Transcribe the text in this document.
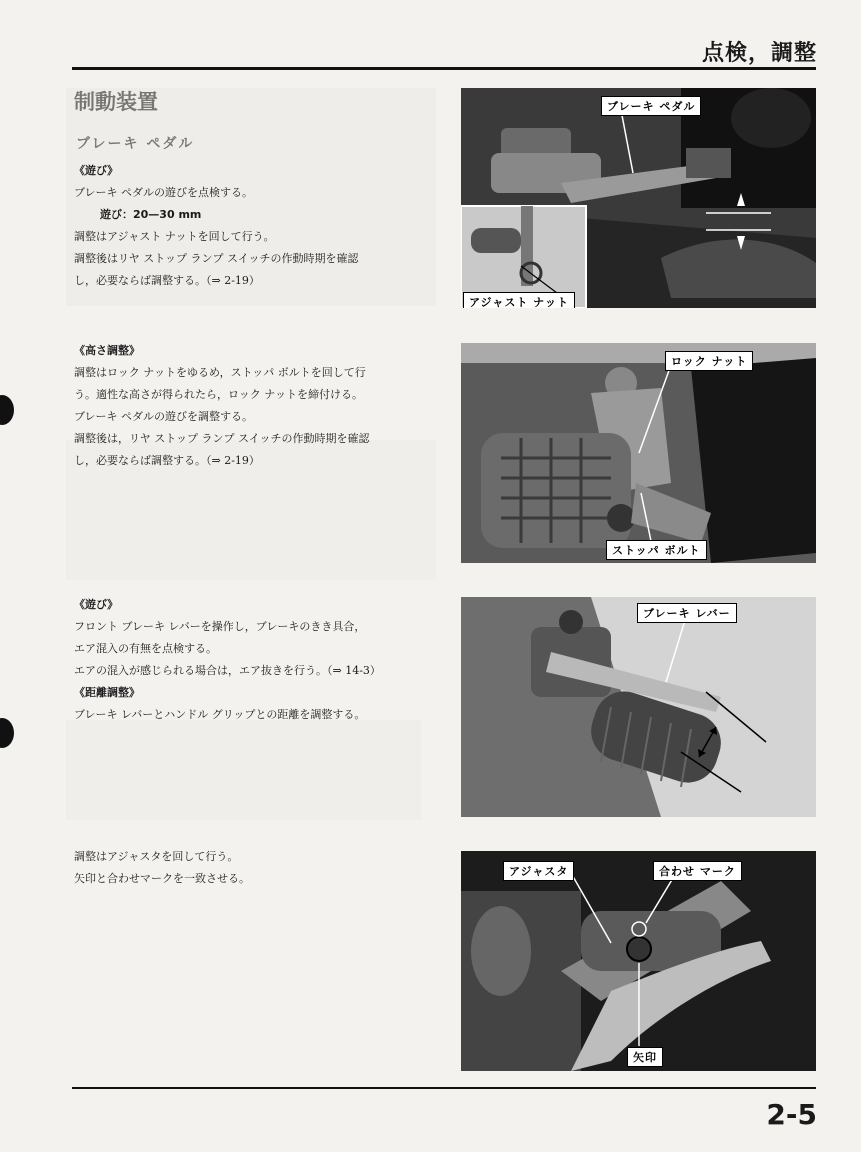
点検，調整
制動装置
ブレーキ ペダル

《遊び》

ブレーキ ペダルの遊びを点検する。

遊び：20—30 mm

調整はアジャスト ナットを回して行う。

調整後はリヤ ストップ ランプ スイッチの作動時期を確認

し，必要ならば調整する。（⇒ 2-19）

《高さ調整》

調整はロック ナットをゆるめ，ストッパ ボルトを回して行

う。適性な高さが得られたら，ロック ナットを締付ける。

ブレーキ ペダルの遊びを調整する。

調整後は，リヤ ストップ ランプ スイッチの作動時期を確認

し，必要ならば調整する。（⇒ 2-19）

《遊び》

フロント ブレーキ レバーを操作し，ブレーキのきき具合，

エア混入の有無を点検する。

エアの混入が感じられる場合は，エア抜きを行う。（⇒ 14-3）

《距離調整》

ブレーキ レバーとハンドル グリップとの距離を調整する。

調整はアジャスタを回して行う。

矢印と合わせマークを一致させる。

ブレーキ ペダル
アジャスト ナット
ロック ナット
ストッパ ボルト
ブレーキ レバー
アジャスタ	合わせ マーク
矢印
2-5
